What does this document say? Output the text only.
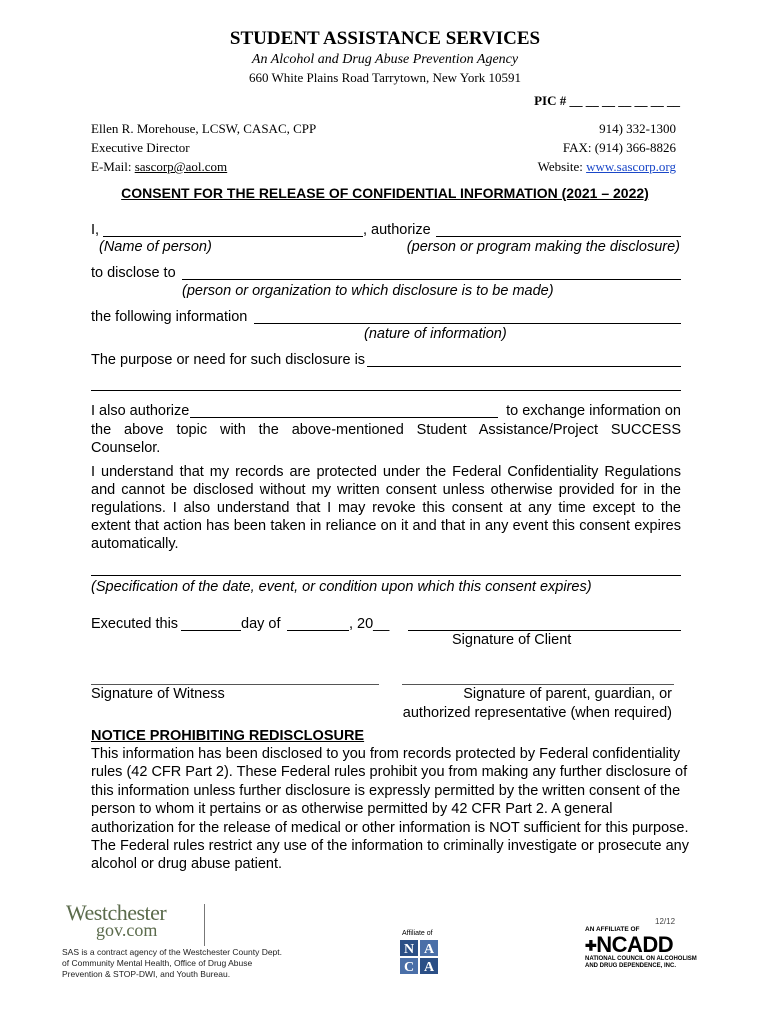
STUDENT ASSISTANCE SERVICES
An Alcohol and Drug Abuse Prevention Agency
660 White Plains Road Tarrytown, New York 10591
PIC # __ __ __ __ __ __ __
Ellen R. Morehouse, LCSW, CASAC, CPP
Executive Director
E-Mail: sascorp@aol.com
914) 332-1300
FAX: (914) 366-8826
Website: www.sascorp.org
CONSENT FOR THE RELEASE OF CONFIDENTIAL INFORMATION (2021 – 2022)
I,	, authorize
(Name of person)	(person or program making the disclosure)
to disclose to
(person or organization to which disclosure is to be made)
the following information
(nature of information)
The purpose or need for such disclosure is
I also authorize	to exchange information on
the above topic with the above-mentioned Student Assistance/Project SUCCESS Counselor.
I understand that my records are protected under the Federal Confidentiality Regulations and cannot be disclosed without my written consent unless otherwise provided for in the regulations. I also understand that I may revoke this consent at any time except to the extent that action has been taken in reliance on it and that in any event this consent expires automatically.
(Specification of the date, event, or condition upon which this consent expires)
Executed this	day of	, 20__
Signature of Client
Signature of Witness	Signature of parent, guardian, or
authorized representative (when required)
NOTICE PROHIBITING REDISCLOSURE
This information has been disclosed to you from records protected by Federal confidentiality rules (42 CFR Part 2). These Federal rules prohibit you from making any further disclosure of this information unless further disclosure is expressly permitted by the written consent of the person to whom it pertains or as otherwise permitted by 42 CFR Part 2. A general authorization for the release of medical or other information is NOT sufficient for this purpose. The Federal rules restrict any use of the information to criminally investigate or prosecute any alcohol or drug abuse patient.
Westchester
gov.com
SAS is a contract agency of the Westchester County Dept.
of Community Mental Health, Office of Drug Abuse
Prevention & STOP-DWI, and Youth Bureau.
Affiliate of
N A
C A
12/12
AN AFFILIATE OF
✚NCADD
NATIONAL COUNCIL ON ALCOHOLISM
AND DRUG DEPENDENCE, INC.
